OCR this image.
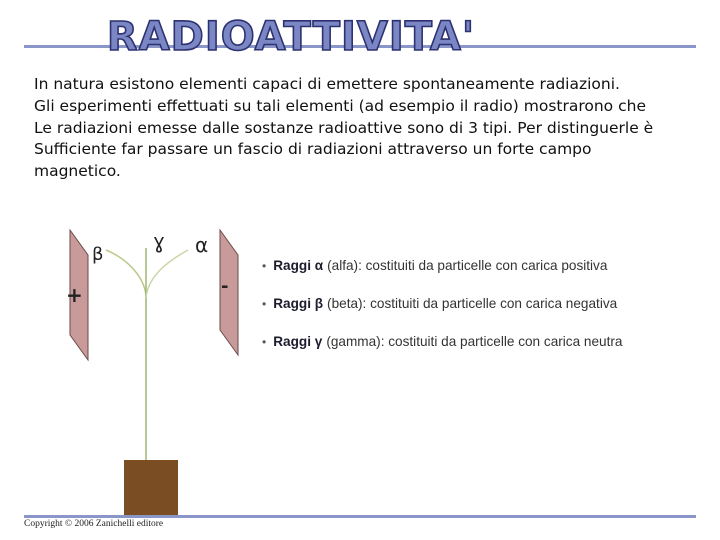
RADIOATTIVITA'
In natura esistono elementi capaci di emettere spontaneamente radiazioni.
Gli esperimenti effettuati su tali elementi (ad esempio il radio) mostrarono che
Le radiazioni emesse dalle sostanze radioattive sono di 3 tipi. Per distinguerle è
Sufficiente far passare un fascio di radiazioni attraverso un forte campo
magnetico.
β
ɣ α
+	-
• Raggi α (alfa): costituiti da particelle con carica positiva
• Raggi β (beta): costituiti da particelle con carica negativa
• Raggi γ (gamma): costituiti da particelle con carica neutra
Copyright © 2006 Zanichelli editore
